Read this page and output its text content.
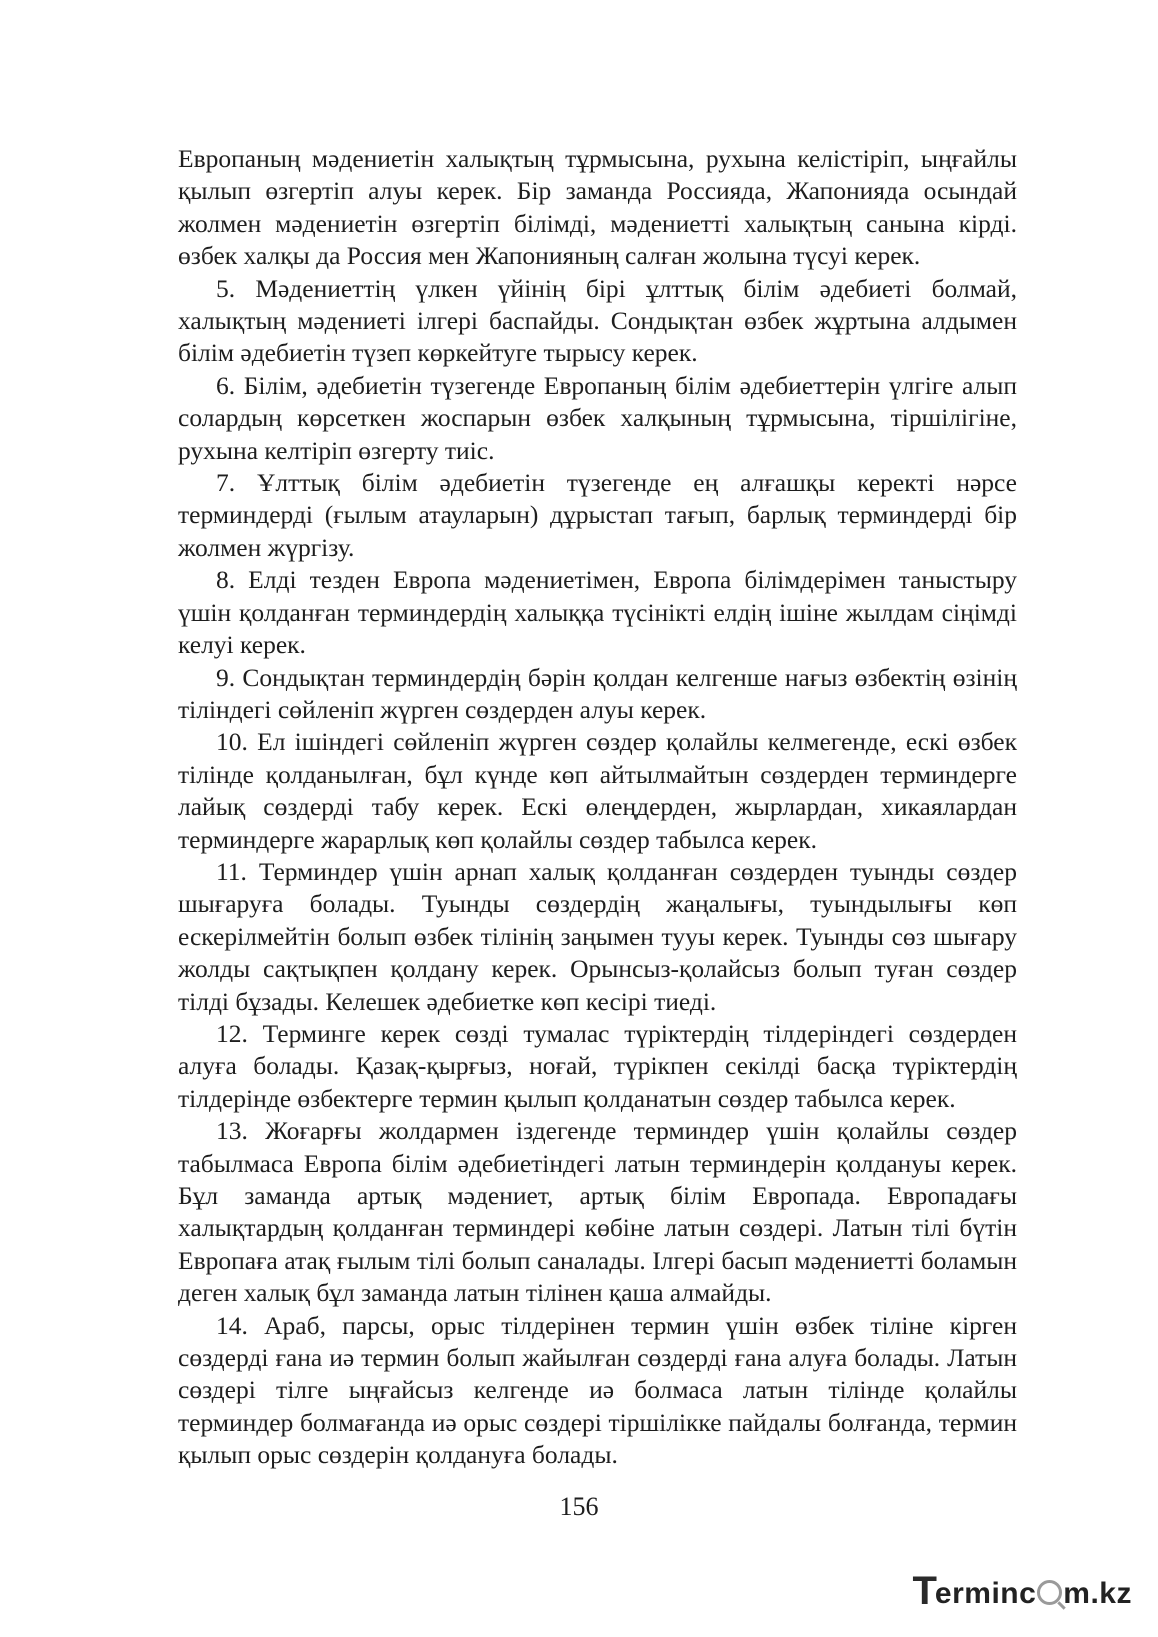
Европаның мәдениетін халықтың тұрмысына, рухына келістіріп, ыңғайлы қылып өзгертіп алуы керек. Бір заманда Россияда, Жапонияда осындай жолмен мәдениетін өзгертіп білімді, мәдениетті халықтың санына кірді. өзбек халқы да Россия мен Жапонияның салған жолына түсуі керек.

5. Мәдениеттің үлкен үйінің бірі ұлттық білім әдебиеті болмай, халықтың мәдениеті ілгері баспайды. Сондықтан өзбек жұртына алдымен білім әдебиетін түзеп көркейтуге тырысу керек.

6. Білім, әдебиетін түзегенде Европаның білім әдебиеттерін үлгіге алып солардың көрсеткен жоспарын өзбек халқының тұрмысына, тіршілігіне, рухына келтіріп өзгерту тиіс.

7. Ұлттық білім әдебиетін түзегенде ең алғашқы керекті нәрсе терминдерді (ғылым атауларын) дұрыстап тағып, барлық терминдерді бір жолмен жүргізу.

8. Елді тезден Европа мәдениетімен, Европа білімдерімен таныстыру үшін қолданған терминдердің халыққа түсінікті елдің ішіне жылдам сіңімді келуі керек.

9. Сондықтан терминдердің бәрін қолдан келгенше нағыз өзбектің өзінің тіліндегі сөйленіп жүрген сөздерден алуы керек.

10. Ел ішіндегі сөйленіп жүрген сөздер қолайлы келмегенде, ескі өзбек тілінде қолданылған, бұл күнде көп айтылмайтын сөздерден терминдерге лайық сөздерді табу керек. Ескі өлеңдерден, жырлардан, хикаялардан терминдерге жарарлық көп қолайлы сөздер табылса керек.

11. Терминдер үшін арнап халық қолданған сөздерден туынды сөздер шығаруға болады. Туынды сөздердің жаңалығы, туындылығы көп ескерілмейтін болып өзбек тілінің заңымен тууы керек. Туынды сөз шығару жолды сақтықпен қолдану керек. Орынсыз-қолайсыз болып туған сөздер тілді бұзады. Келешек әдебиетке көп кесірі тиеді.

12. Терминге керек сөзді тумалас түріктердің тілдеріндегі сөздерден алуға болады. Қазақ-қырғыз, ноғай, түрікпен секілді басқа түріктердің тілдерінде өзбектерге термин қылып қолданатын сөздер табылса керек.

13. Жоғарғы жолдармен іздегенде терминдер үшін қолайлы сөздер табылмаса Европа білім әдебиетіндегі латын терминдерін қолдануы керек. Бұл заманда артық мәдениет, артық білім Европада. Европадағы халықтардың қолданған терминдері көбіне латын сөздері. Латын тілі бүтін Европаға атақ ғылым тілі болып саналады. Ілгері басып мәдениетті боламын деген халық бұл заманда латын тілінен қаша алмайды.

14. Араб, парсы, орыс тілдерінен термин үшін өзбек тіліне кірген сөздерді ғана иә термин болып жайылған сөздерді ғана алуға болады. Латын сөздері тілге ыңғайсыз келгенде иә болмаса латын тілінде қолайлы терминдер болмағанда иә орыс сөздері тіршілікке пайдалы болғанда, термин қылып орыс сөздерін қолдануға болады.

156
T ermin c m.kz
